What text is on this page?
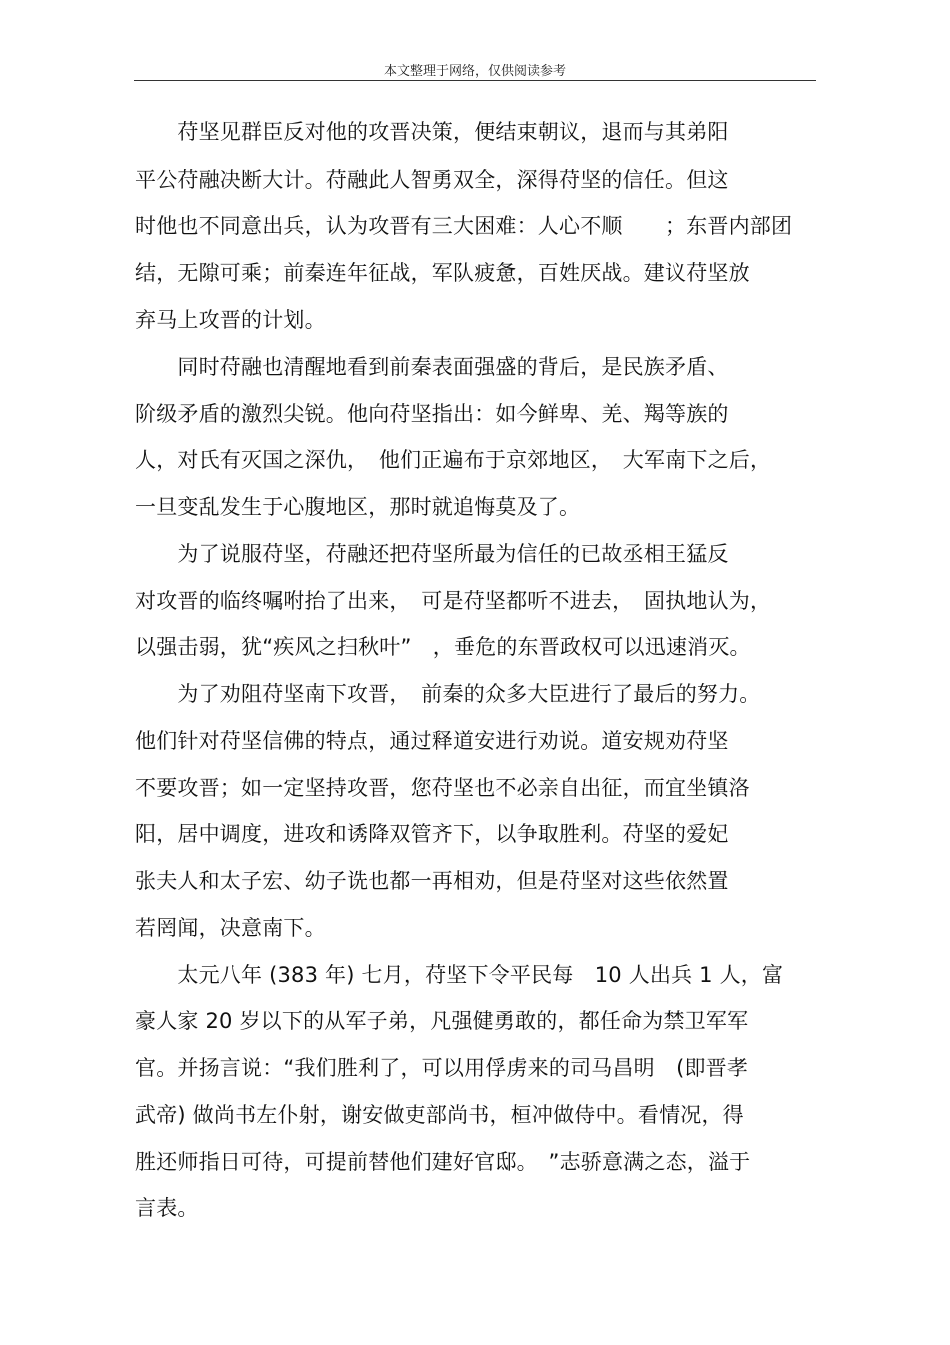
本文整理于网络，仅供阅读参考
　　苻坚见群臣反对他的攻晋决策，便结束朝议，退而与其弟阳
平公苻融决断大计。苻融此人智勇双全，深得苻坚的信任。但这
时他也不同意出兵，认为攻晋有三大困难：人心不顺　　；东晋内部团
结，无隙可乘；前秦连年征战，军队疲惫，百姓厌战。建议苻坚放
弃马上攻晋的计划。
　　同时苻融也清醒地看到前秦表面强盛的背后，是民族矛盾、
阶级矛盾的激烈尖锐。他向苻坚指出：如今鲜卑、羌、羯等族的
人，对氏有灭国之深仇，　他们正遍布于京郊地区，　大军南下之后，
一旦变乱发生于心腹地区，那时就追悔莫及了。
　　为了说服苻坚，苻融还把苻坚所最为信任的已故丞相王猛反
对攻晋的临终嘱咐抬了出来，　可是苻坚都听不进去，　固执地认为，
以强击弱，犹“疾风之扫秋叶”　，垂危的东晋政权可以迅速消灭。
　　为了劝阻苻坚南下攻晋，　前秦的众多大臣进行了最后的努力。
他们针对苻坚信佛的特点，通过释道安进行劝说。道安规劝苻坚
不要攻晋；如一定坚持攻晋，您苻坚也不必亲自出征，而宜坐镇洛
阳，居中调度，进攻和诱降双管齐下，以争取胜利。苻坚的爱妃
张夫人和太子宏、幼子诜也都一再相劝，但是苻坚对这些依然置
若罔闻，决意南下。
　　太元八年 (383 年) 七月，苻坚下令平民每　10 人出兵 1 人，富
豪人家 20 岁以下的从军子弟，凡强健勇敢的，都任命为禁卫军军
官。并扬言说：“我们胜利了，可以用俘虏来的司马昌明　(即晋孝
武帝) 做尚书左仆射，谢安做吏部尚书，桓冲做侍中。看情况，得
胜还师指日可待，可提前替他们建好官邸。　”志骄意满之态，溢于
言表。
